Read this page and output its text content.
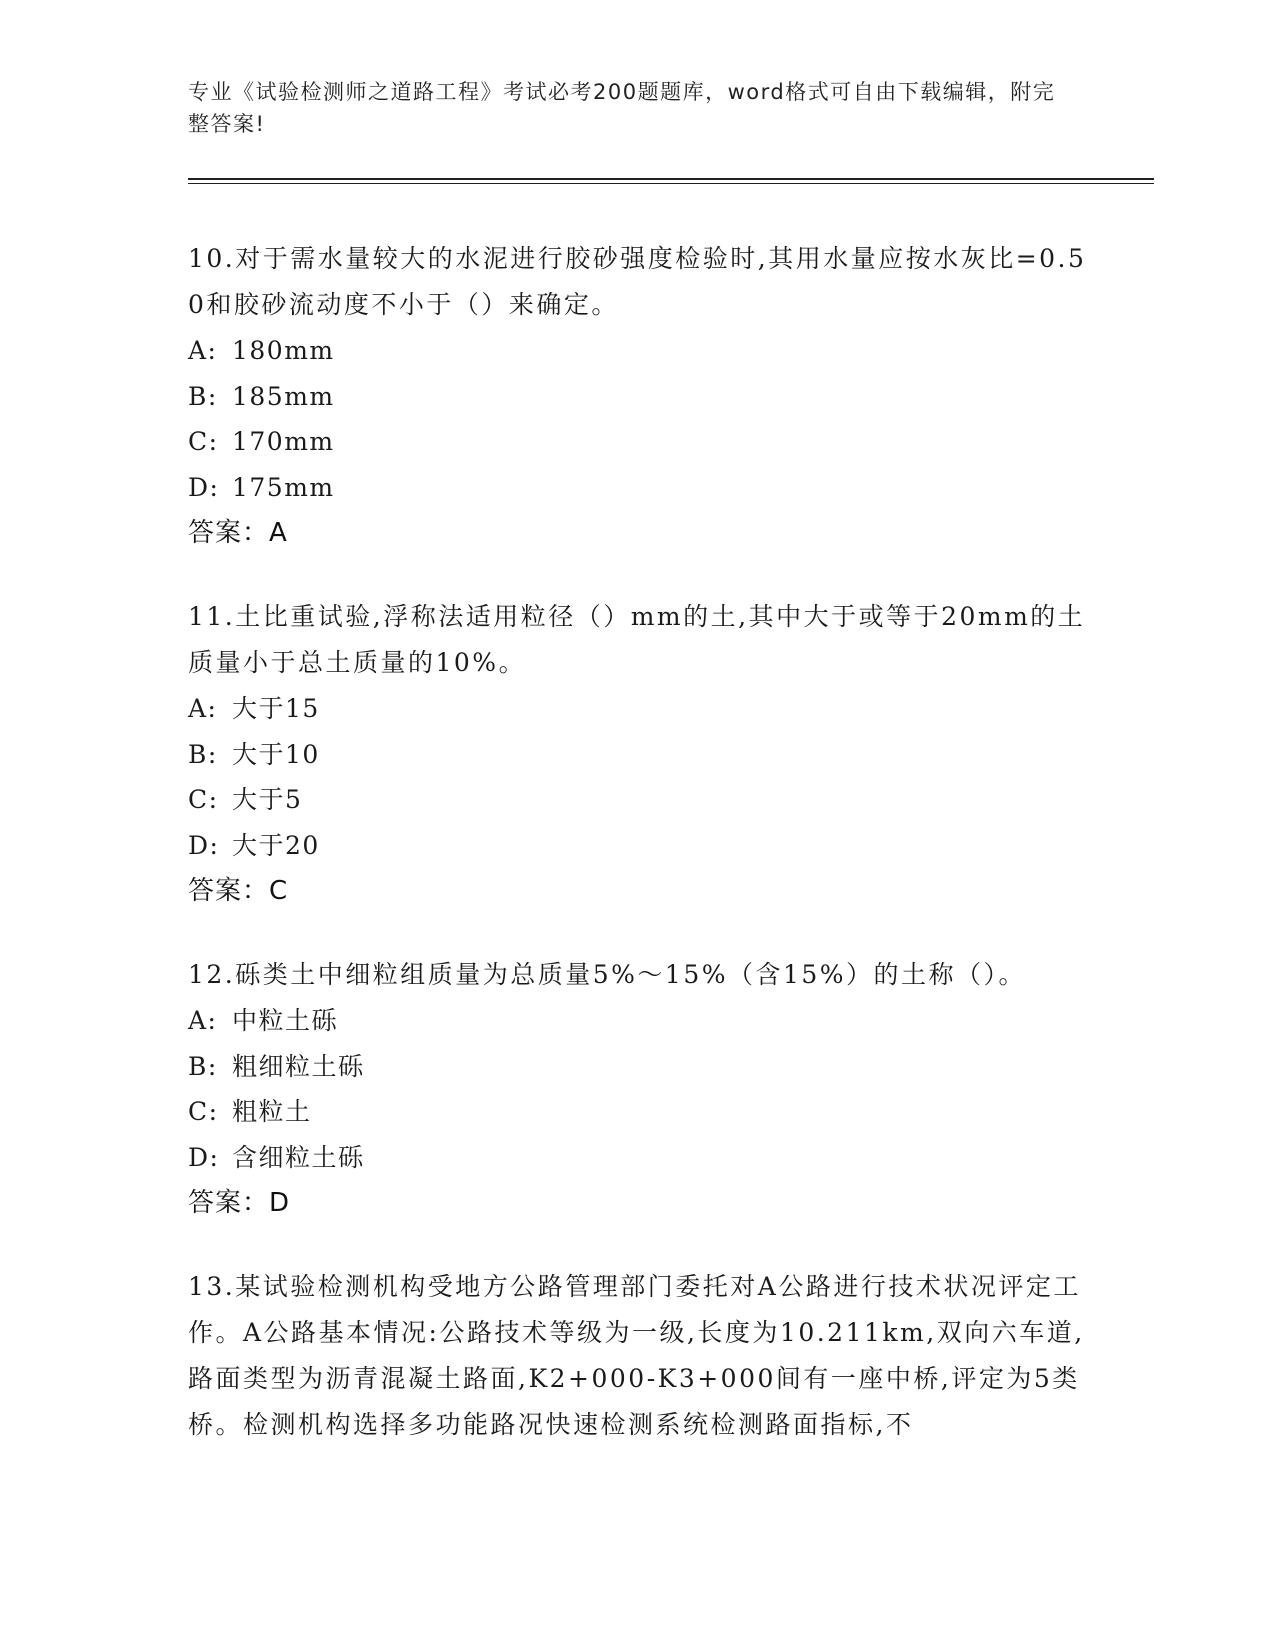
专业《试验检测师之道路工程》考试必考200题题库，word格式可自由下载编辑，附完整答案!

10.对于需水量较大的水泥进行胶砂强度检验时,其用水量应按水灰比=0.50和胶砂流动度不小于（）来确定。

A: 180mm

B: 185mm

C: 170mm

D: 175mm

答案：A

11.土比重试验,浮称法适用粒径（）mm的土,其中大于或等于20mm的土质量小于总土质量的10%。

A: 大于15

B: 大于10

C: 大于5

D: 大于20

答案：C

12.砾类土中细粒组质量为总质量5%～15%（含15%）的土称（）。

A: 中粒土砾

B: 粗细粒土砾

C: 粗粒土

D: 含细粒土砾

答案：D

13.某试验检测机构受地方公路管理部门委托对A公路进行技术状况评定工作。A公路基本情况:公路技术等级为一级,长度为10.211km,双向六车道,路面类型为沥青混凝土路面,K2+000-K3+000间有一座中桥,评定为5类桥。检测机构选择多功能路况快速检测系统检测路面指标,不
